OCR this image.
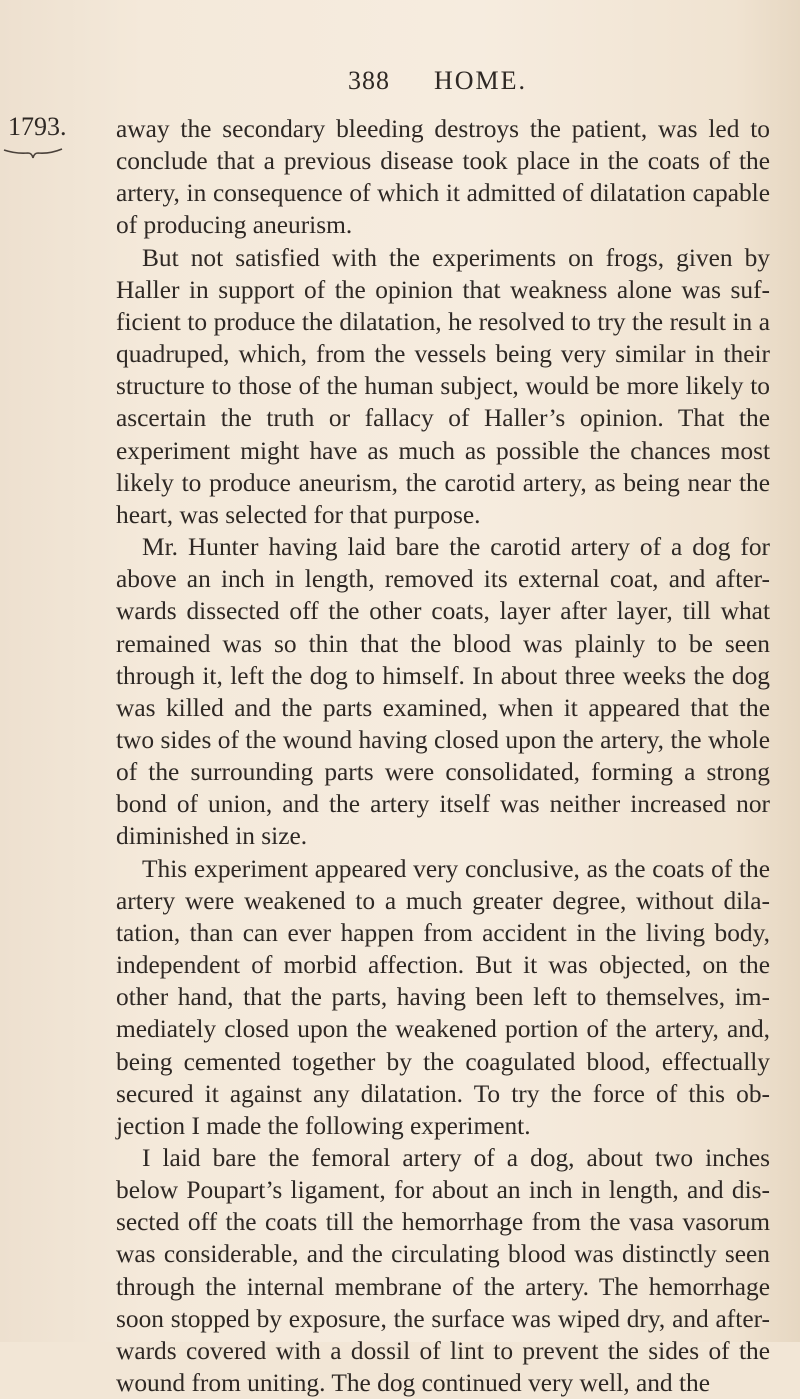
388 HOME.
1793. away the secondary bleeding destroys the patient, was led to conclude that a previous disease took place in the coats of the artery, in consequence of which it admitted of dilatation capable of producing aneurism.

But not satisfied with the experiments on frogs, given by Haller in support of the opinion that weakness alone was suf- ficient to produce the dilatation, he resolved to try the result in a quadruped, which, from the vessels being very similar in their structure to those of the human subject, would be more likely to ascertain the truth or fallacy of Haller’s opinion. That the experiment might have as much as possible the chances most likely to produce aneurism, the carotid artery, as being near the heart, was selected for that purpose.

Mr. Hunter having laid bare the carotid artery of a dog for above an inch in length, removed its external coat, and after- wards dissected off the other coats, layer after layer, till what remained was so thin that the blood was plainly to be seen through it, left the dog to himself. In about three weeks the dog was killed and the parts examined, when it appeared that the two sides of the wound having closed upon the artery, the whole of the surrounding parts were consolidated, forming a strong bond of union, and the artery itself was neither increased nor diminished in size.

This experiment appeared very conclusive, as the coats of the artery were weakened to a much greater degree, without dila- tation, than can ever happen from accident in the living body, independent of morbid affection. But it was objected, on the other hand, that the parts, having been left to themselves, im- mediately closed upon the weakened portion of the artery, and, being cemented together by the coagulated blood, effectually secured it against any dilatation. To try the force of this ob- jection I made the following experiment.

I laid bare the femoral artery of a dog, about two inches below Poupart’s ligament, for about an inch in length, and dis- sected off the coats till the hemorrhage from the vasa vasorum was considerable, and the circulating blood was distinctly seen through the internal membrane of the artery. The hemorrhage soon stopped by exposure, the surface was wiped dry, and after- wards covered with a dossil of lint to prevent the sides of the wound from uniting. The dog continued very well, and the
